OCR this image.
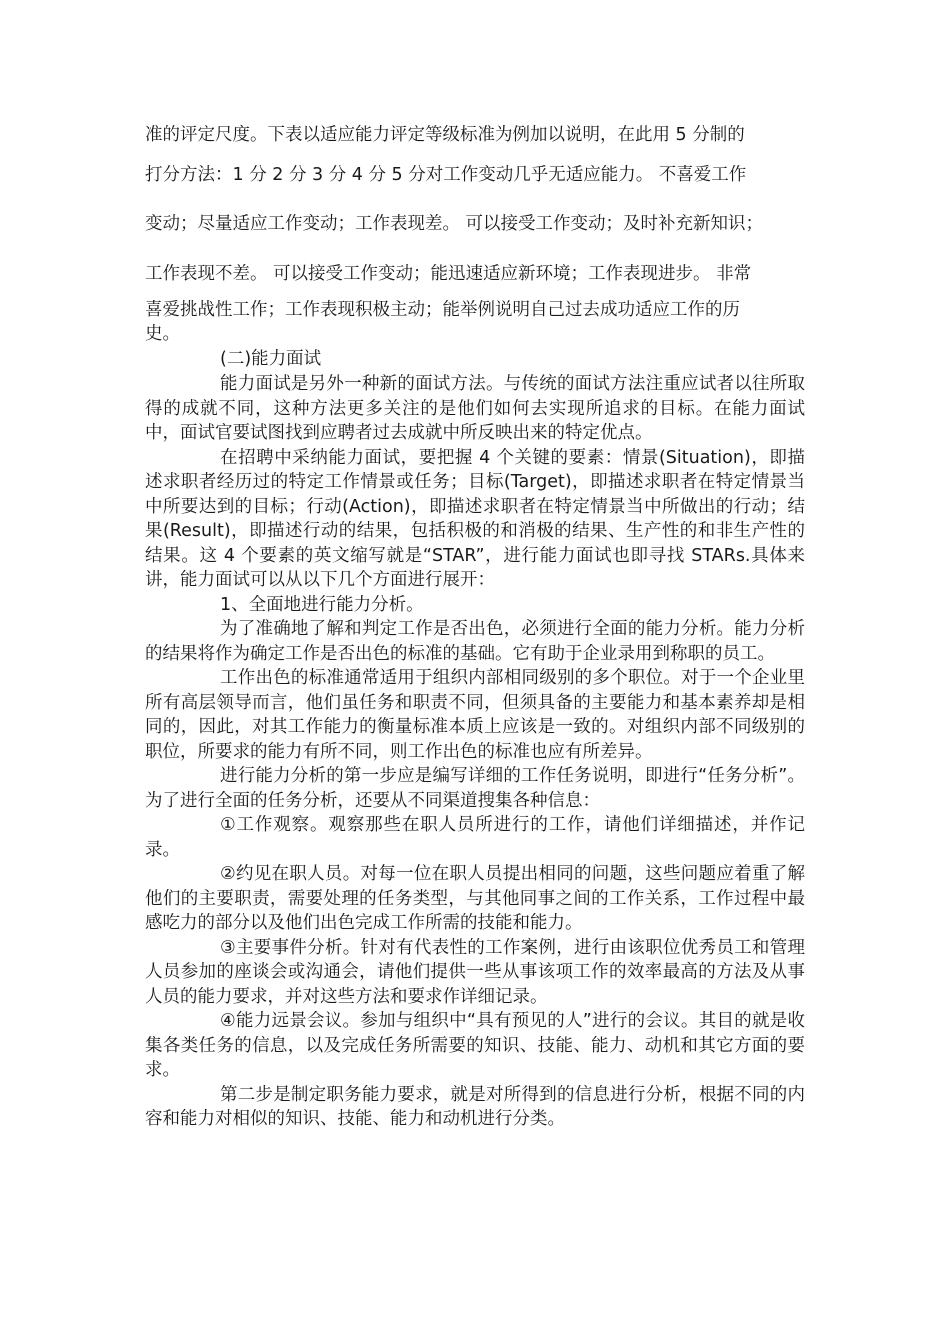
准的评定尺度。下表以适应能力评定等级标准为例加以说明，在此用 5 分制的
打分方法：1 分 2 分 3 分 4 分 5 分对工作变动几乎无适应能力。 不喜爱工作
变动；尽量适应工作变动；工作表现差。 可以接受工作变动；及时补充新知识；
工作表现不差。 可以接受工作变动；能迅速适应新环境；工作表现进步。 非常
喜爱挑战性工作；工作表现积极主动；能举例说明自己过去成功适应工作的历
史。
(二)能力面试

能力面试是另外一种新的面试方法。与传统的面试方法注重应试者以往所取得的成就不同，这种方法更多关注的是他们如何去实现所追求的目标。在能力面试中，面试官要试图找到应聘者过去成就中所反映出来的特定优点。

在招聘中采纳能力面试，要把握 4 个关键的要素：情景(Situation)，即描述求职者经历过的特定工作情景或任务；目标(Target)，即描述求职者在特定情景当中所要达到的目标；行动(Action)，即描述求职者在特定情景当中所做出的行动；结果(Result)，即描述行动的结果，包括积极的和消极的结果、生产性的和非生产性的结果。这 4 个要素的英文缩写就是“STAR”，进行能力面试也即寻找 STARs.具体来讲，能力面试可以从以下几个方面进行展开：

1、全面地进行能力分析。

为了准确地了解和判定工作是否出色，必须进行全面的能力分析。能力分析的结果将作为确定工作是否出色的标准的基础。它有助于企业录用到称职的员工。

工作出色的标准通常适用于组织内部相同级别的多个职位。对于一个企业里所有高层领导而言，他们虽任务和职责不同，但须具备的主要能力和基本素养却是相同的，因此，对其工作能力的衡量标准本质上应该是一致的。对组织内部不同级别的职位，所要求的能力有所不同，则工作出色的标准也应有所差异。

进行能力分析的第一步应是编写详细的工作任务说明，即进行“任务分析”。为了进行全面的任务分析，还要从不同渠道搜集各种信息：

①工作观察。观察那些在职人员所进行的工作，请他们详细描述，并作记录。

②约见在职人员。对每一位在职人员提出相同的问题，这些问题应着重了解他们的主要职责，需要处理的任务类型，与其他同事之间的工作关系，工作过程中最感吃力的部分以及他们出色完成工作所需的技能和能力。

③主要事件分析。针对有代表性的工作案例，进行由该职位优秀员工和管理人员参加的座谈会或沟通会，请他们提供一些从事该项工作的效率最高的方法及从事人员的能力要求，并对这些方法和要求作详细记录。

④能力远景会议。参加与组织中“具有预见的人”进行的会议。其目的就是收集各类任务的信息，以及完成任务所需要的知识、技能、能力、动机和其它方面的要求。

第二步是制定职务能力要求，就是对所得到的信息进行分析，根据不同的内容和能力对相似的知识、技能、能力和动机进行分类。
